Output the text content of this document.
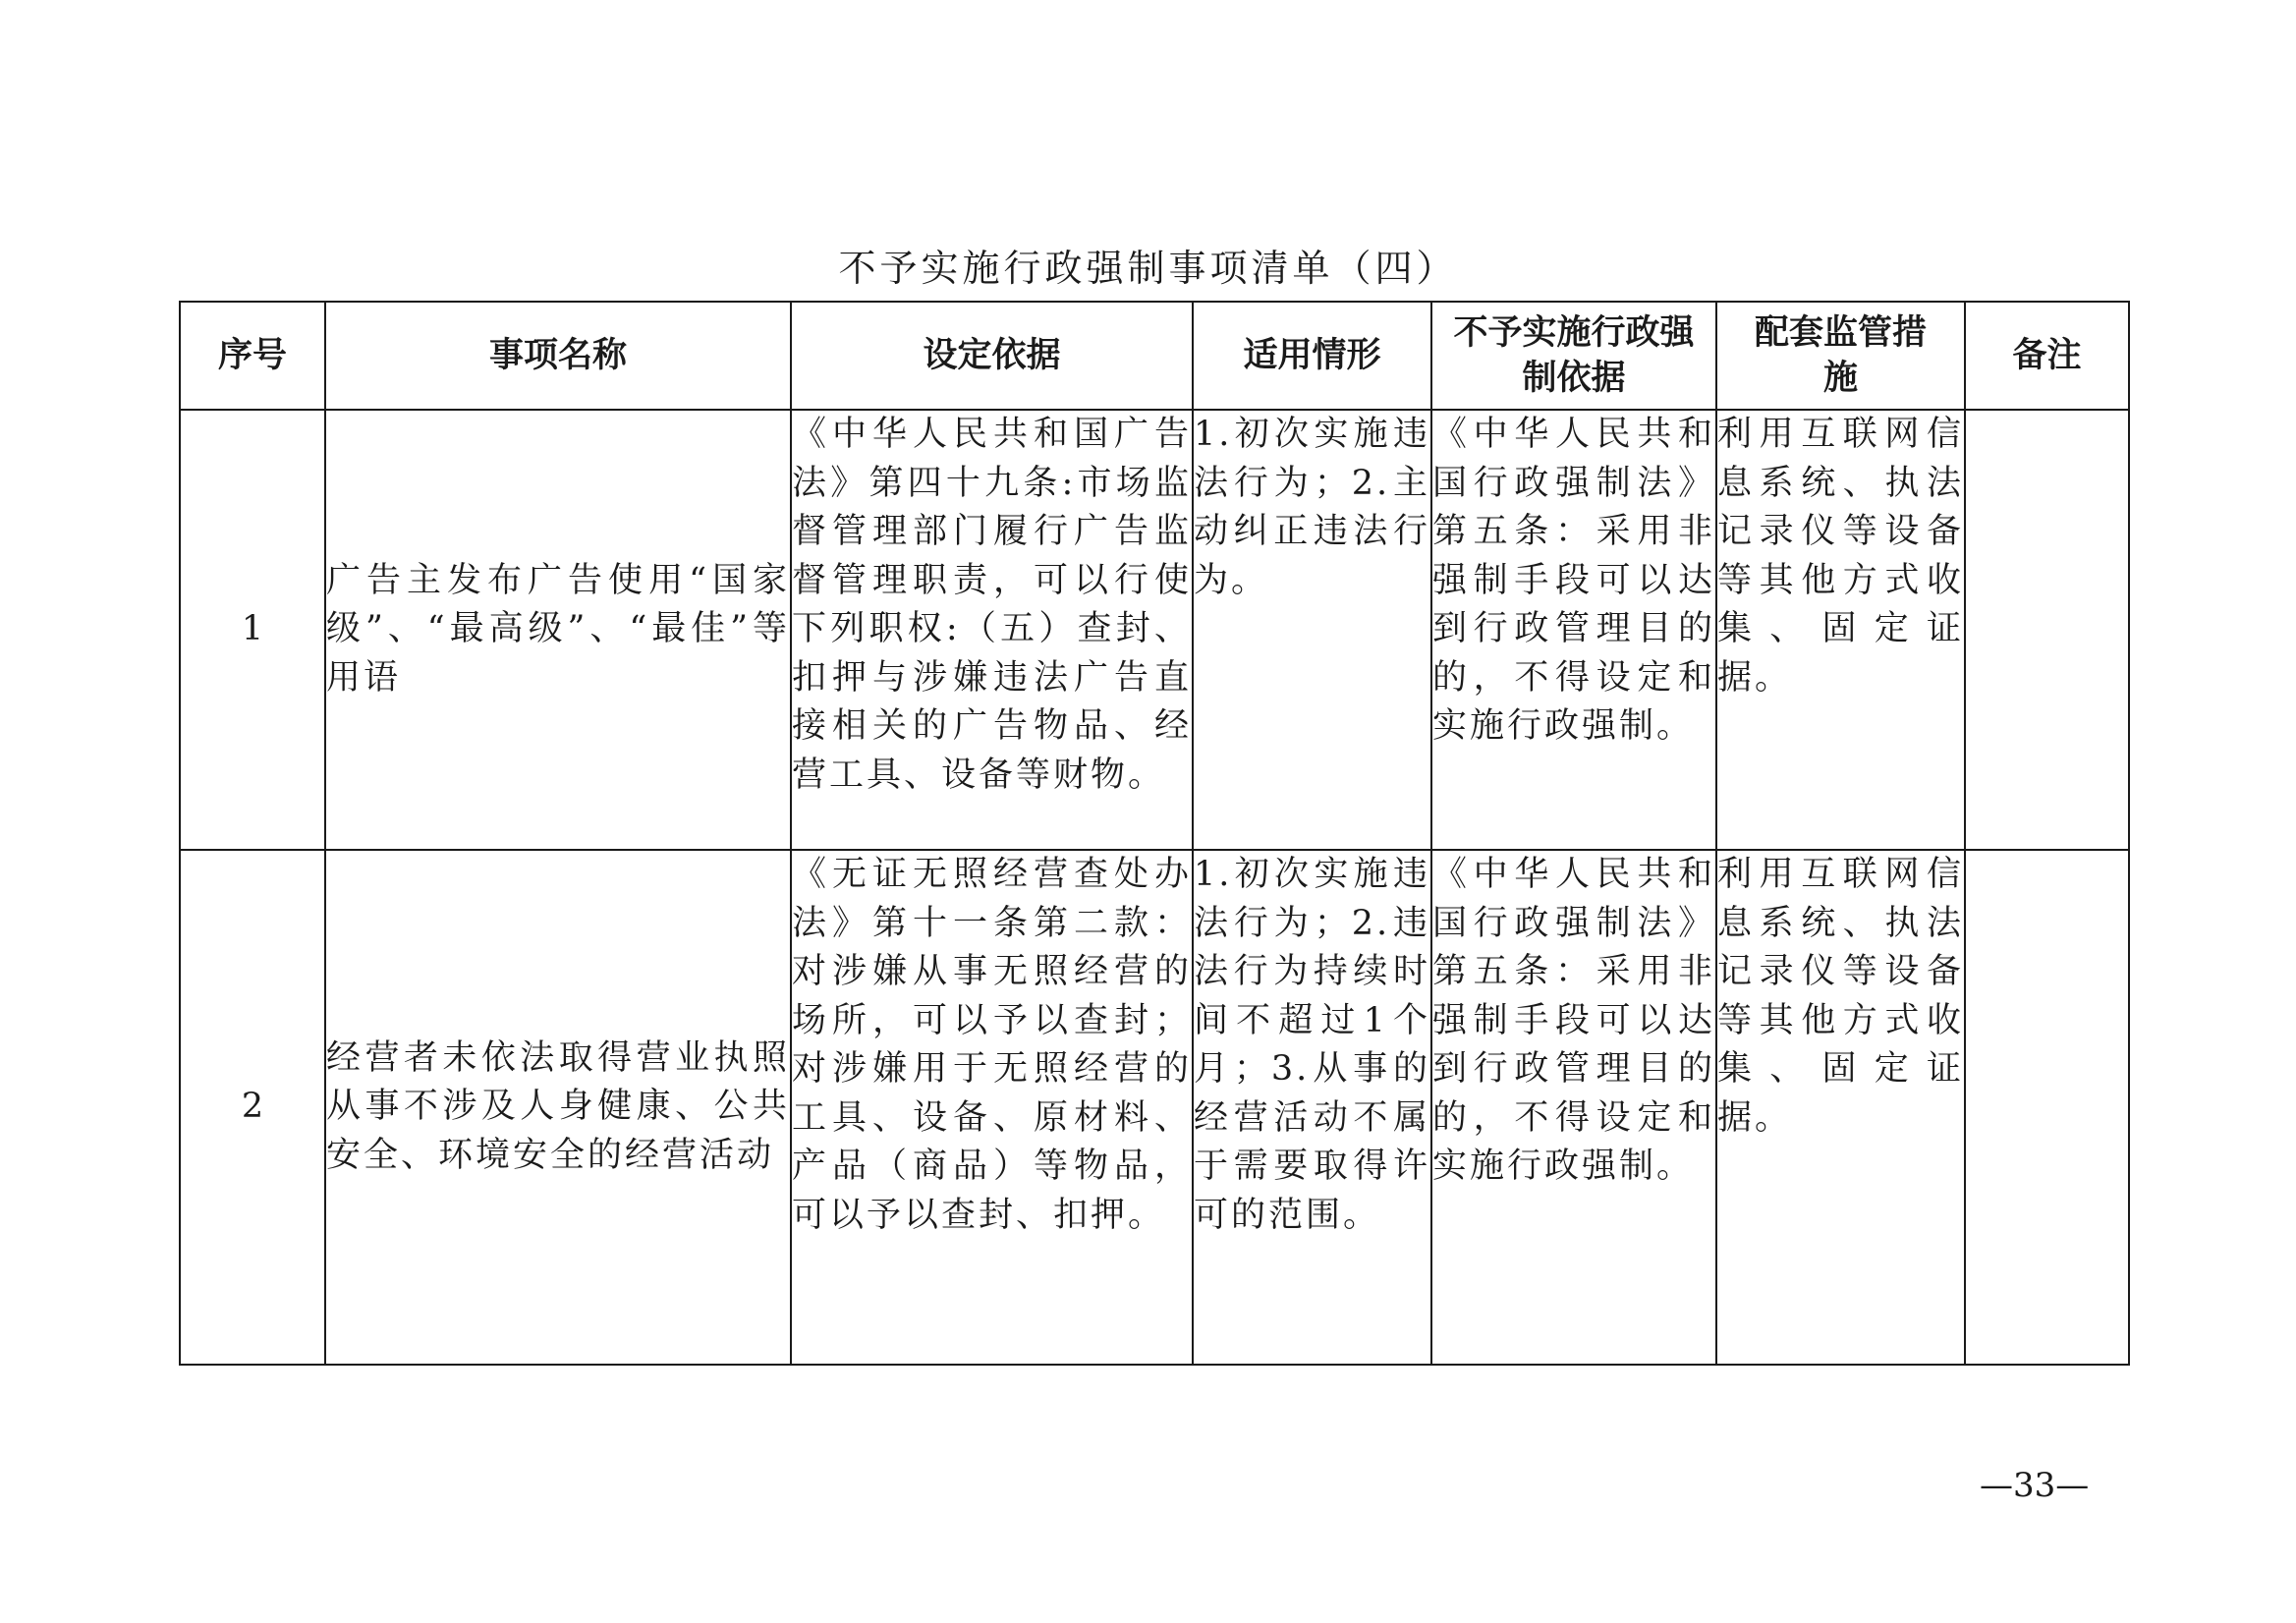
不予实施行政强制事项清单（四）
序号	事项名称	设定依据	适用情形	不予实施行政强制依据	配套监管措施	备注
1	广告主发布广告使用“国家级”、“最高级”、“最佳”等用语	《中华人民共和国广告法》第四十九条:市场监督管理部门履行广告监督管理职责，可以行使下列职权:（五）查封、扣押与涉嫌违法广告直接相关的广告物品、经营工具、设备等财物。	1.初次实施违法行为；2.主动纠正违法行为。	《中华人民共和国行政强制法》第五条：采用非强制手段可以达到行政管理目的的，不得设定和实施行政强制。	利用互联网信息系统、执法记录仪等设备等其他方式收集、固定证据。	
2	经营者未依法取得营业执照从事不涉及人身健康、公共安全、环境安全的经营活动	《无证无照经营查处办法》第十一条第二款：对涉嫌从事无照经营的场所，可以予以查封；对涉嫌用于无照经营的工具、设备、原材料、产品（商品）等物品，可以予以查封、扣押。	1.初次实施违法行为；2.违法行为持续时间不超过1个月；3.从事的经营活动不属于需要取得许可的范围。	《中华人民共和国行政强制法》第五条：采用非强制手段可以达到行政管理目的的，不得设定和实施行政强制。	利用互联网信息系统、执法记录仪等设备等其他方式收集、固定证据。	
—33—
